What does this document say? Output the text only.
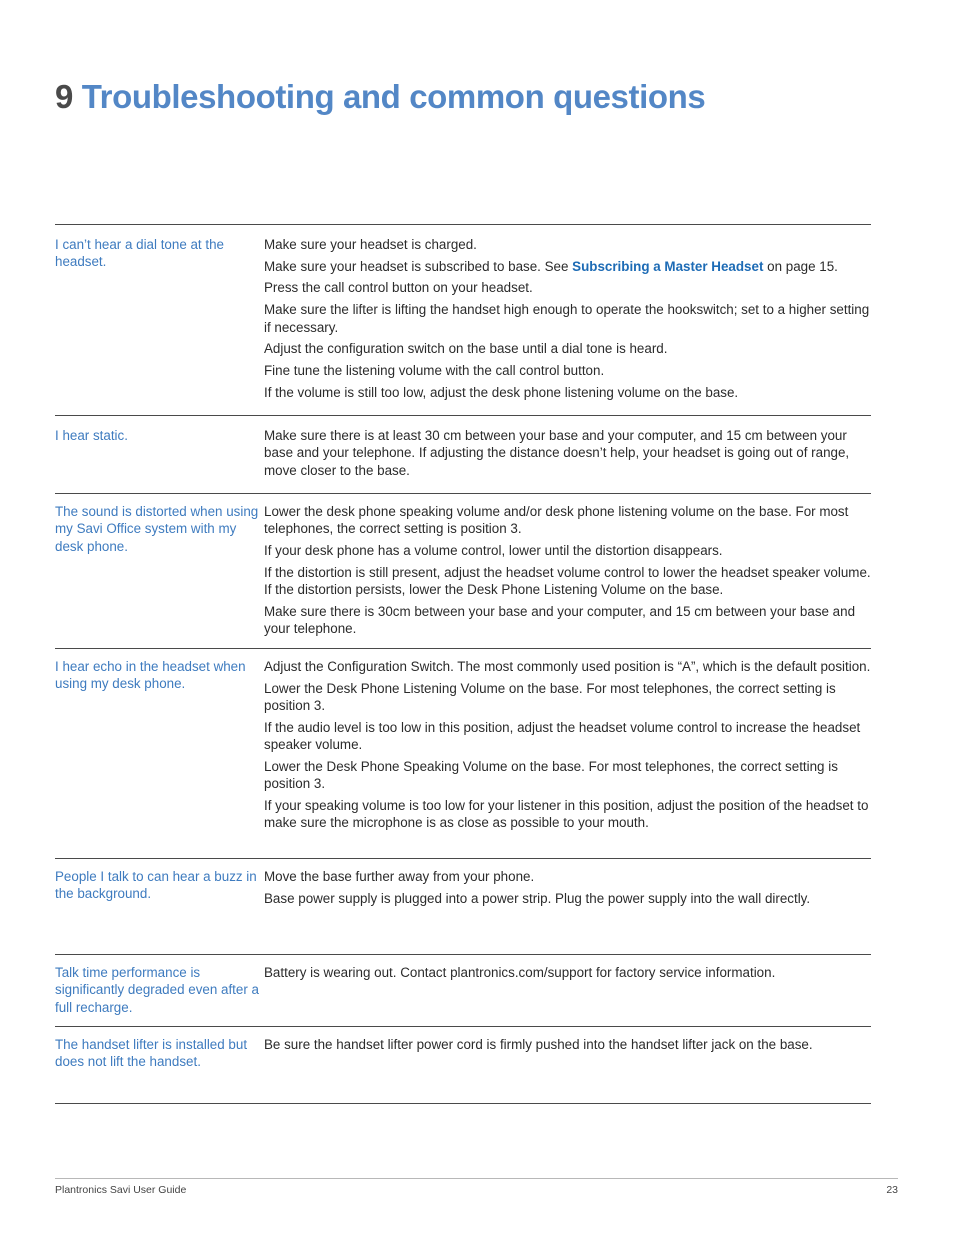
9 Troubleshooting and common questions
I can’t hear a dial tone at the headset.

Make sure your headset is charged.

Make sure your headset is subscribed to base. See Subscribing a Master Headset on page 15.

Press the call control button on your headset.

Make sure the lifter is lifting the handset high enough to operate the hookswitch; set to a higher setting if necessary.

Adjust the configuration switch on the base until a dial tone is heard.

Fine tune the listening volume with the call control button.

If the volume is still too low, adjust the desk phone listening volume on the base.

I hear static.	Make sure there is at least 30 cm between your base and your computer, and 15 cm between your base and your telephone. If adjusting the distance doesn’t help, your headset is going out of range, move closer to the base.

The sound is distorted when using my Savi Office system with my desk phone.

Lower the desk phone speaking volume and/or desk phone listening volume on the base. For most telephones, the correct setting is position 3.

If your desk phone has a volume control, lower until the distortion disappears.

If the distortion is still present, adjust the headset volume control to lower the headset speaker volume. If the distortion persists, lower the Desk Phone Listening Volume on the base.

Make sure there is 30cm between your base and your computer, and 15 cm between your base and your telephone.

I hear echo in the headset when using my desk phone.

Adjust the Configuration Switch. The most commonly used position is “A”, which is the default position.

Lower the Desk Phone Listening Volume on the base. For most telephones, the correct setting is position 3.

If the audio level is too low in this position, adjust the headset volume control to increase the headset speaker volume.

Lower the Desk Phone Speaking Volume on the base. For most telephones, the correct setting is position 3.

If your speaking volume is too low for your listener in this position, adjust the position of the headset to make sure the microphone is as close as possible to your mouth.

People I talk to can hear a buzz in the background.

Move the base further away from your phone.

Base power supply is plugged into a power strip. Plug the power supply into the wall directly.

Talk time performance is significantly degraded even after a full recharge.

Battery is wearing out. Contact plantronics.com/support for factory service information.

The handset lifter is installed but does not lift the handset.

Be sure the handset lifter power cord is firmly pushed into the handset lifter jack on the base.

Plantronics Savi User Guide	23
